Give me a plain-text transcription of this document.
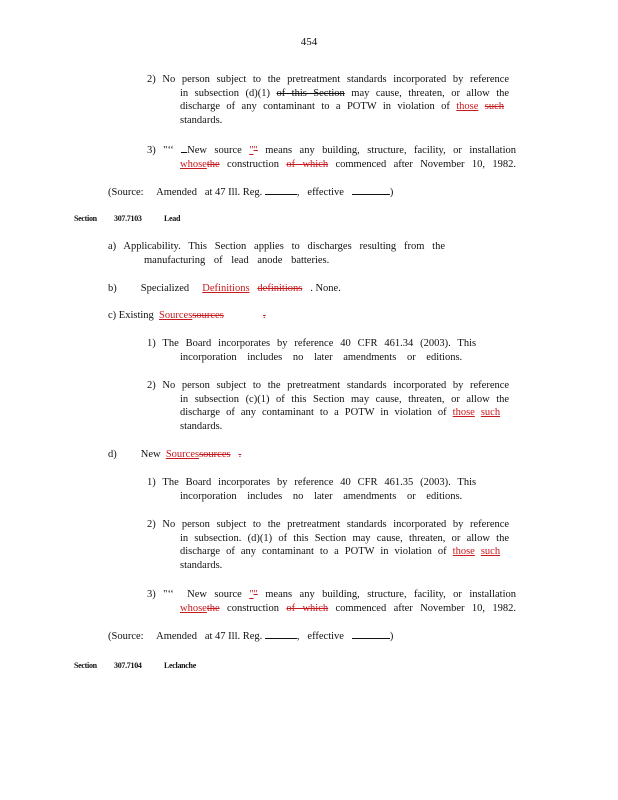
454
2) No person subject to the pretreatment standards incorporated by reference
in subsection (d)(1) of this Section may cause, threaten, or allow the
discharge of any contaminant to a POTW in violation of those such
standards.
3) "‘‘ New source "" means any building, structure, facility, or installation
whosethe construction of which commenced after November 10, 1982.
(Source: Amended at 47 Ill. Reg.	, effective	)
Section 307.7103	Lead
a) Applicability. This Section applies to discharges resulting from the
manufacturing of lead anode batteries.
b) Specialized Definitions definitions . None.
c) Existing Sourcessources	.
1) The Board incorporates by reference 40 CFR 461.34 (2003). This
incorporation includes no later amendments or editions.
2) No person subject to the pretreatment standards incorporated by reference
in subsection (c)(1) of this Section may cause, threaten, or allow the
discharge of any contaminant to a POTW in violation of those such
standards.
d) New Sourcessources .
1) The Board incorporates by reference 40 CFR 461.35 (2003). This
incorporation includes no later amendments or editions.
2) No person subject to the pretreatment standards incorporated by reference
in subsection. (d)(1) of this Section may cause, threaten, or allow the
discharge of any contaminant to a POTW in violation of those such
standards.
3) "‘‘ New source "" means any building, structure, facility, or installation
whosethe construction of which commenced after November 10, 1982.
(Source: Amended at 47 Ill. Reg.	, effective	)
Section 307.7104	Leclanche
